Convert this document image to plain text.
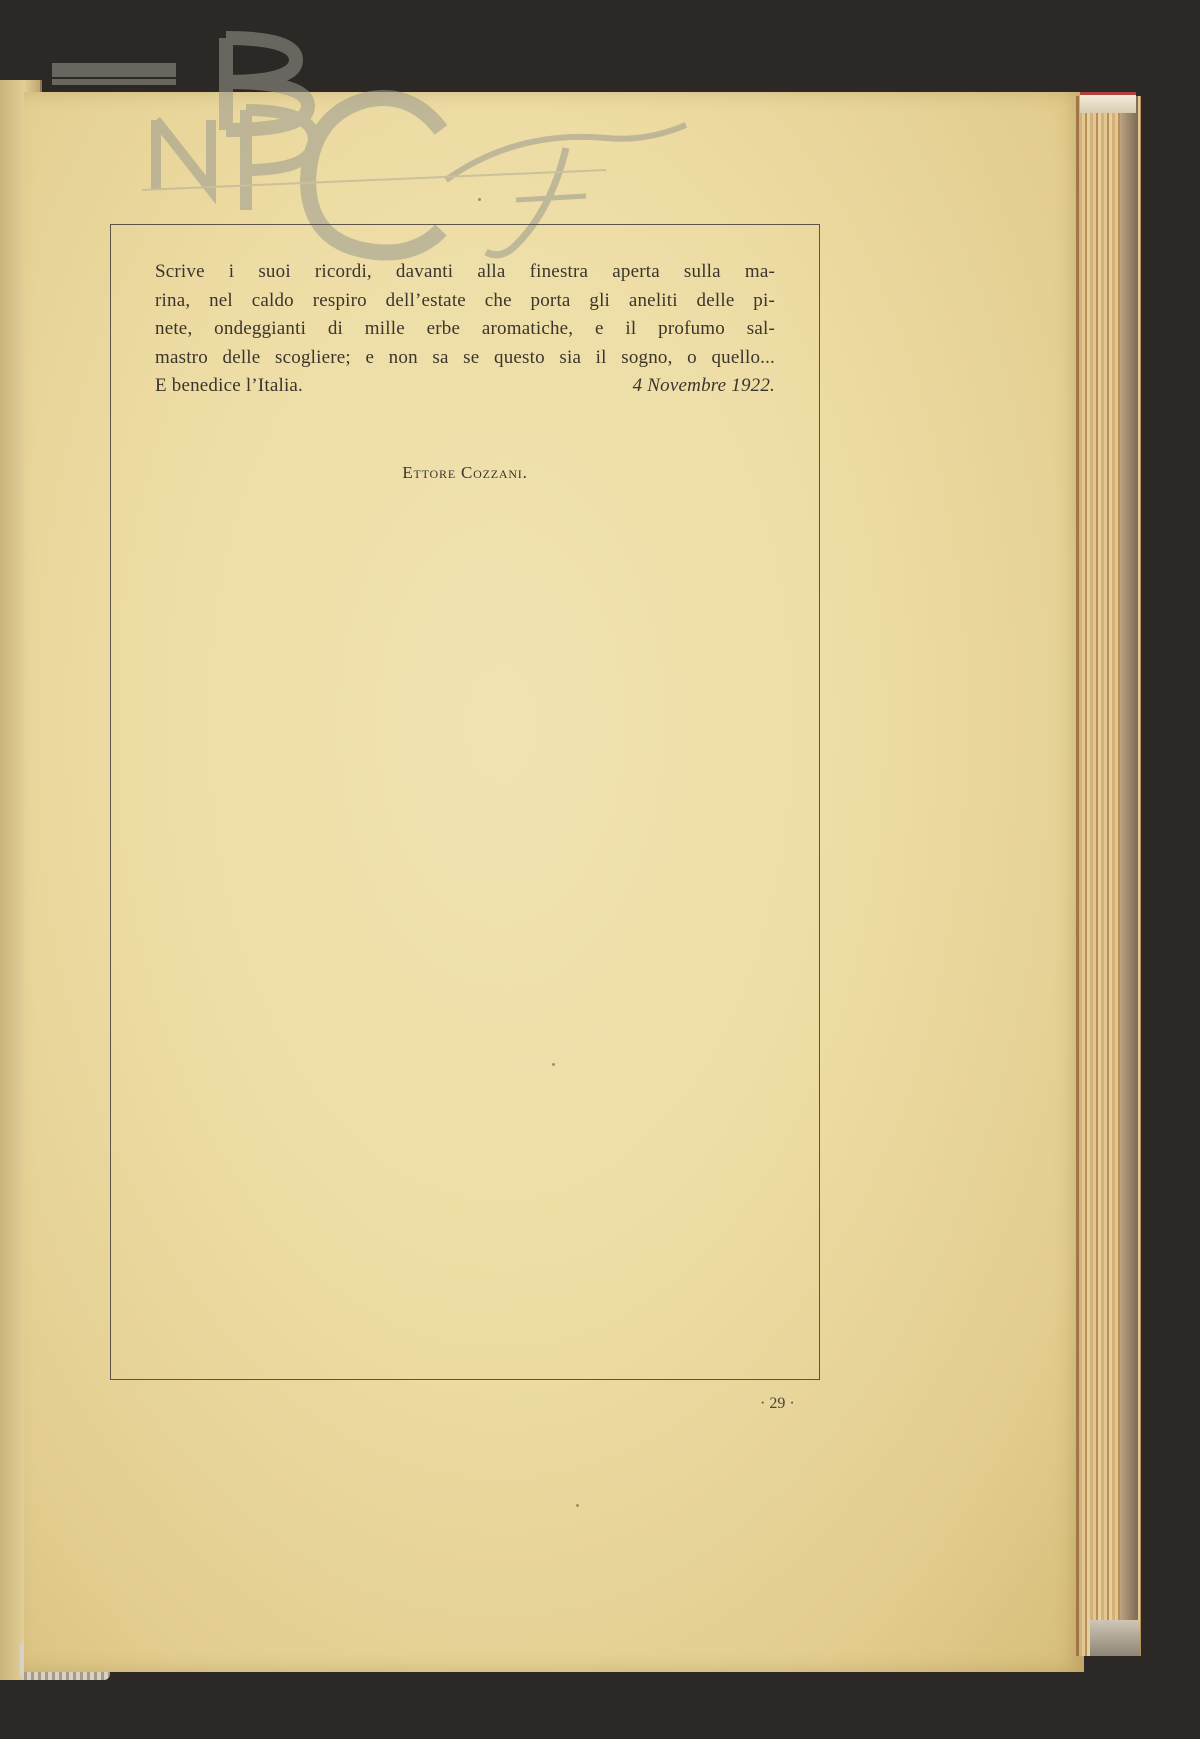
Scrive i suoi ricordi, davanti alla finestra aperta sulla ma-
rina, nel caldo respiro dell’estate che porta gli aneliti delle pi-
nete, ondeggianti di mille erbe aromatiche, e il profumo sal-
mastro delle scogliere; e non sa se questo sia il sogno, o quello...
E benedice l’Italia.	4 Novembre 1922.
Ettore Cozzani.
· 29 ·
